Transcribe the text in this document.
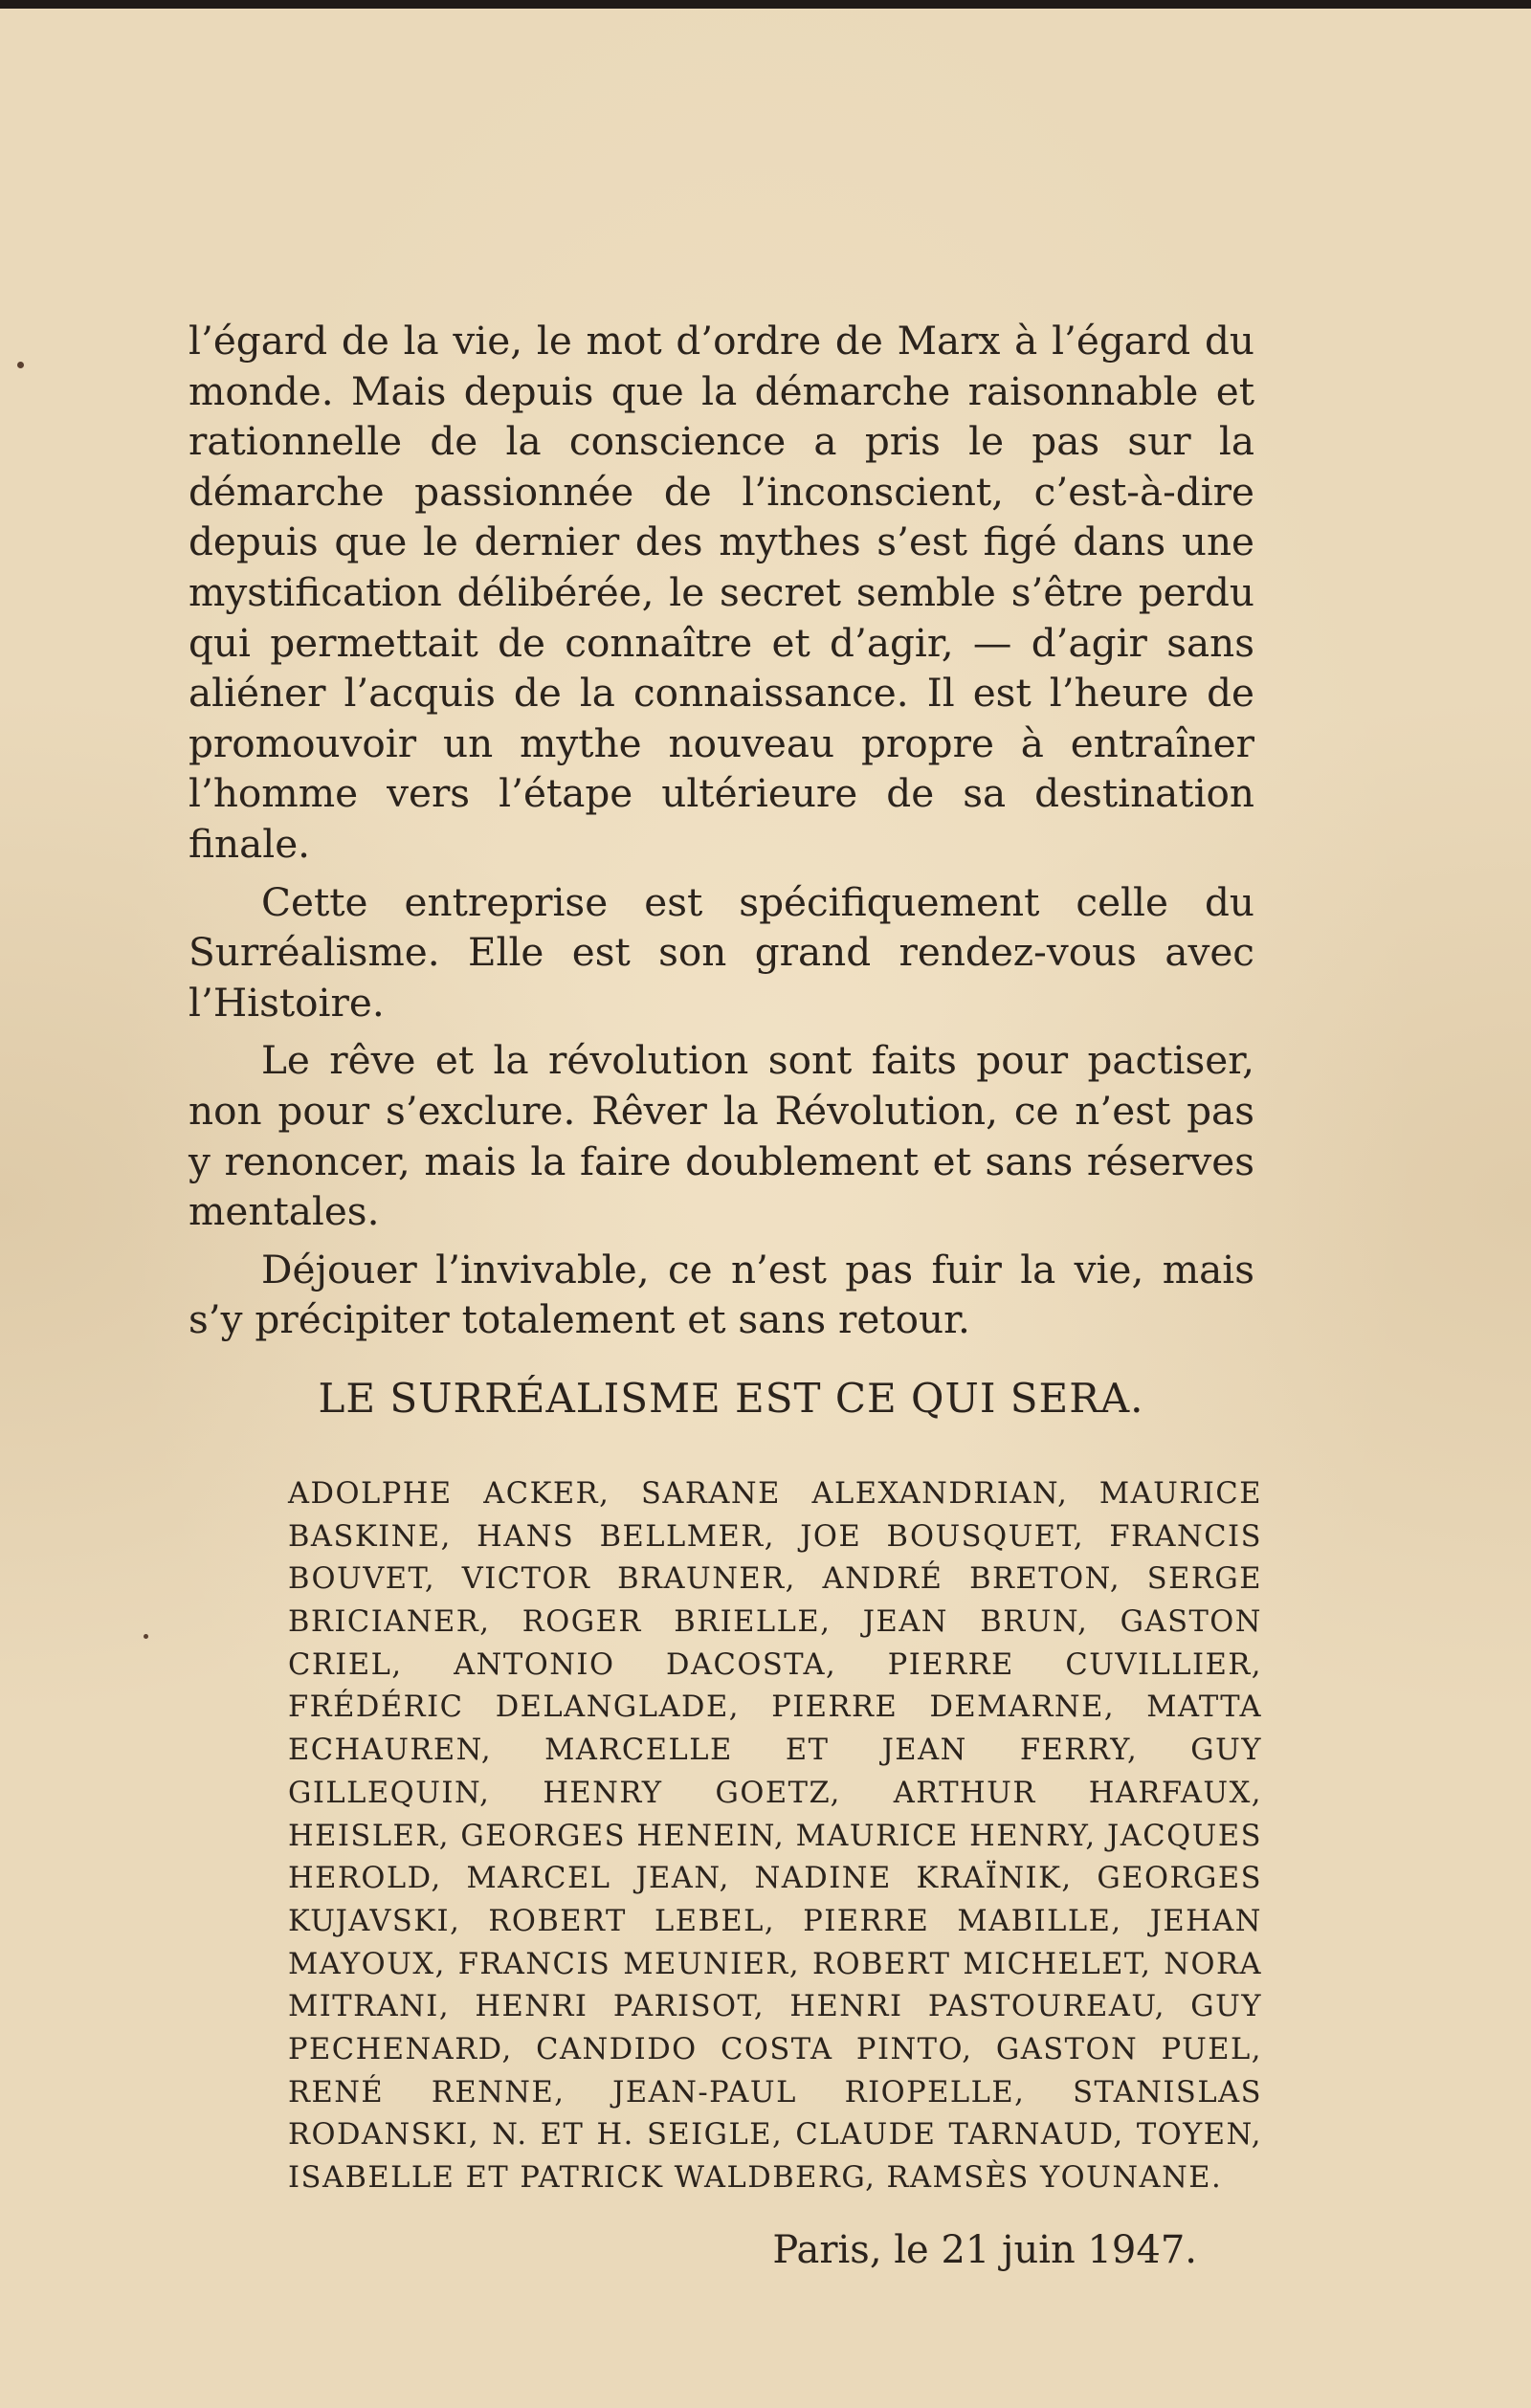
l’égard de la vie, le mot d’ordre de Marx à l’égard du monde. Mais depuis que la démarche raisonnable et rationnelle de la conscience a pris le pas sur la démarche passionnée de l’inconscient, c’est-à-dire depuis que le dernier des mythes s’est figé dans une mystification délibérée, le secret semble s’être perdu qui permettait de connaître et d’agir, — d’agir sans aliéner l’acquis de la connaissance. Il est l’heure de promouvoir un mythe nouveau propre à entraîner l’homme vers l’étape ultérieure de sa destination finale.

Cette entreprise est spécifiquement celle du Surréalisme. Elle est son grand rendez-vous avec l’Histoire.

Le rêve et la révolution sont faits pour pactiser, non pour s’exclure. Rêver la Révolution, ce n’est pas y renoncer, mais la faire doublement et sans réserves mentales.

Déjouer l’invivable, ce n’est pas fuir la vie, mais s’y précipiter totalement et sans retour.

LE SURRÉALISME EST CE QUI SERA.

ADOLPHE ACKER, SARANE ALEXANDRIAN, MAURICE BASKINE, HANS BELLMER, JOE BOUSQUET, FRANCIS BOUVET, VICTOR BRAUNER, ANDRÉ BRETON, SERGE BRICIANER, ROGER BRIELLE, JEAN BRUN, GASTON CRIEL, ANTONIO DACOSTA, PIERRE CUVILLIER, FRÉDÉRIC DELANGLADE, PIERRE DEMARNE, MATTA ECHAUREN, MARCELLE ET JEAN FERRY, GUY GILLEQUIN, HENRY GOETZ, ARTHUR HARFAUX, HEISLER, GEORGES HENEIN, MAURICE HENRY, JACQUES HEROLD, MARCEL JEAN, NADINE KRAÏNIK, GEORGES KUJAVSKI, ROBERT LEBEL, PIERRE MABILLE, JEHAN MAYOUX, FRANCIS MEUNIER, ROBERT MICHELET, NORA MITRANI, HENRI PARISOT, HENRI PASTOUREAU, GUY PECHENARD, CANDIDO COSTA PINTO, GASTON PUEL, RENÉ RENNE, JEAN-PAUL RIOPELLE, STANISLAS RODANSKI, N. ET H. SEIGLE, CLAUDE TARNAUD, TOYEN, ISABELLE ET PATRICK WALDBERG, RAMSÈS YOUNANE.

Paris, le 21 juin 1947.
